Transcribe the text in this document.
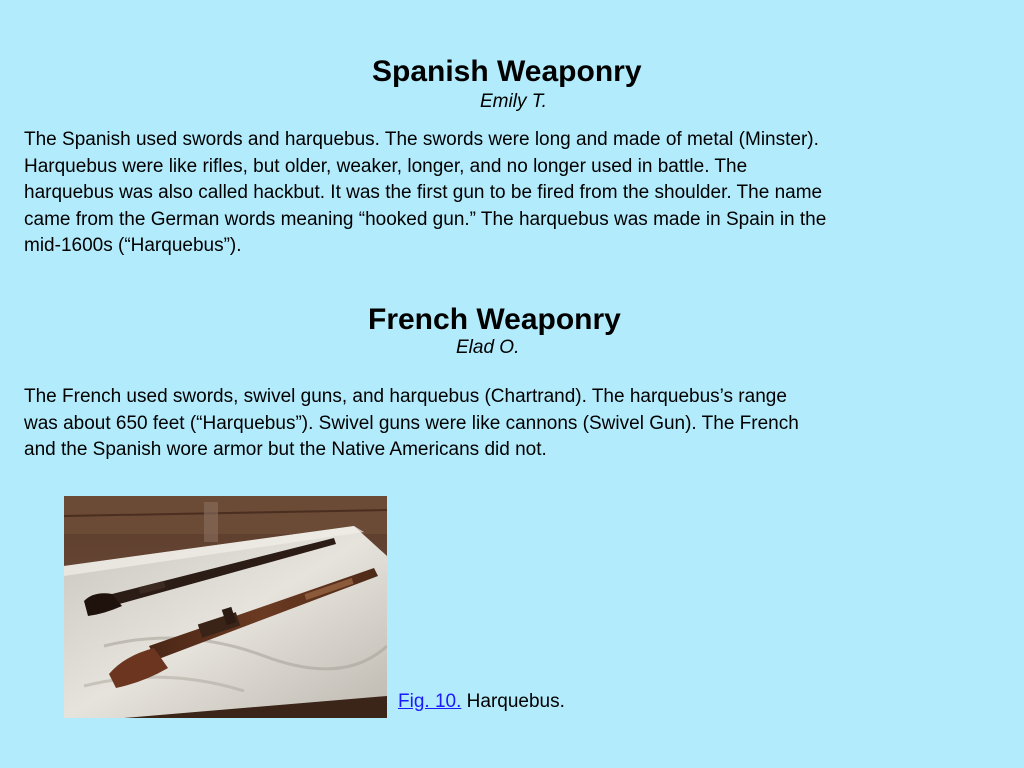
Spanish Weaponry
Emily T.
The Spanish used swords and harquebus. The swords were long and made of metal (Minster).
Harquebus were like rifles, but older, weaker, longer, and no longer used in battle. The
harquebus was also called hackbut. It was the first gun to be fired from the shoulder. The name
came from the German words meaning “hooked gun.” The harquebus was made in Spain in the
mid-1600s (“Harquebus”).
French Weaponry
Elad O.
The French used swords, swivel guns, and harquebus (Chartrand). The harquebus’s range
was about 650 feet (“Harquebus”). Swivel guns were like cannons (Swivel Gun). The French
and the Spanish wore armor but the Native Americans did not.
Fig. 10. Harquebus.
